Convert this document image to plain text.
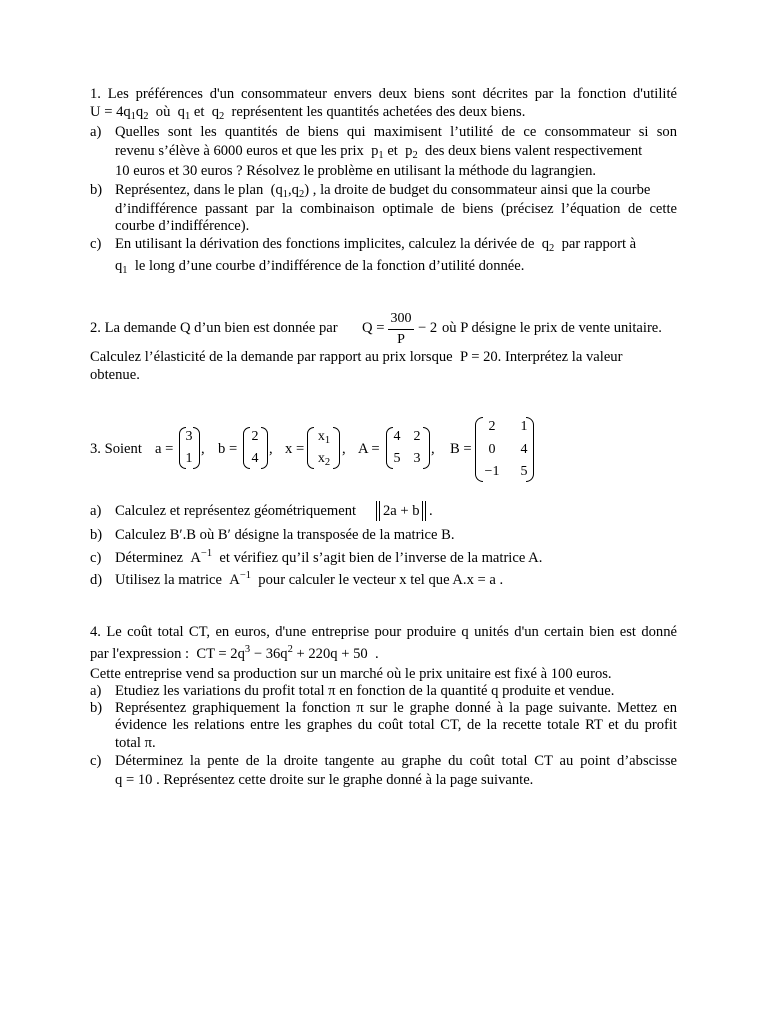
1. Les préférences d'un consommateur envers deux biens sont décrites par la fonction d'utilité
$U = 4q_1q_2$ où $q_1$ et $q_2$ représentent les quantités achetées des deux biens.
a) Quelles sont les quantités de biens qui maximisent l’utilité de ce consommateur si son
revenu s’élève à 6000 euros et que les prix $p_1$ et $p_2$ des deux biens valent respectivement
10 euros et 30 euros ? Résolvez le problème en utilisant la méthode du lagrangien.
b) Représentez, dans le plan $(q_1,q_2)$ , la droite de budget du consommateur ainsi que la courbe
d’indifférence passant par la combinaison optimale de biens (précisez l’équation de cette
courbe d’indifférence).
c) En utilisant la dérivation des fonctions implicites, calculez la dérivée de $q_2$ par rapport à
$q_1$ le long d’une courbe d’indifférence de la fonction d’utilité donnée.
2. La demande Q d’un bien est donnée par Q =
300
P
− 2 où P désigne le prix de vente unitaire.
Calculez l’élasticité de la demande par rapport au prix lorsque P = 20. Interprétez la valeur
obtenue.
3. Soient a =
3
1
, b =
2
4
, x =
$x_1$
$x_2$
, A =
4 2
5 3
, B =
2	1
0	4
−1	5
a) Calculez et représentez géométriquement 2a + b .
b) Calculez B′.B où B′ désigne la transposée de la matrice B.
c) Déterminez $A^{-1}$ et vérifiez qu’il s’agit bien de l’inverse de la matrice A.
d) Utilisez la matrice $A^{-1}$ pour calculer le vecteur x tel que A.x = a .
4. Le coût total CT, en euros, d'une entreprise pour produire q unités d'un certain bien est donné
par l'expression : CT = $2q^3 - 36q^2 + 220q + 50$ .
Cette entreprise vend sa production sur un marché où le prix unitaire est fixé à 100 euros.
a) Etudiez les variations du profit total π en fonction de la quantité q produite et vendue.
b) Représentez graphiquement la fonction π sur le graphe donné à la page suivante. Mettez en
évidence les relations entre les graphes du coût total CT, de la recette totale RT et du profit
total π.
c) Déterminez la pente de la droite tangente au graphe du coût total CT au point d’abscisse
q = 10 . Représentez cette droite sur le graphe donné à la page suivante.
